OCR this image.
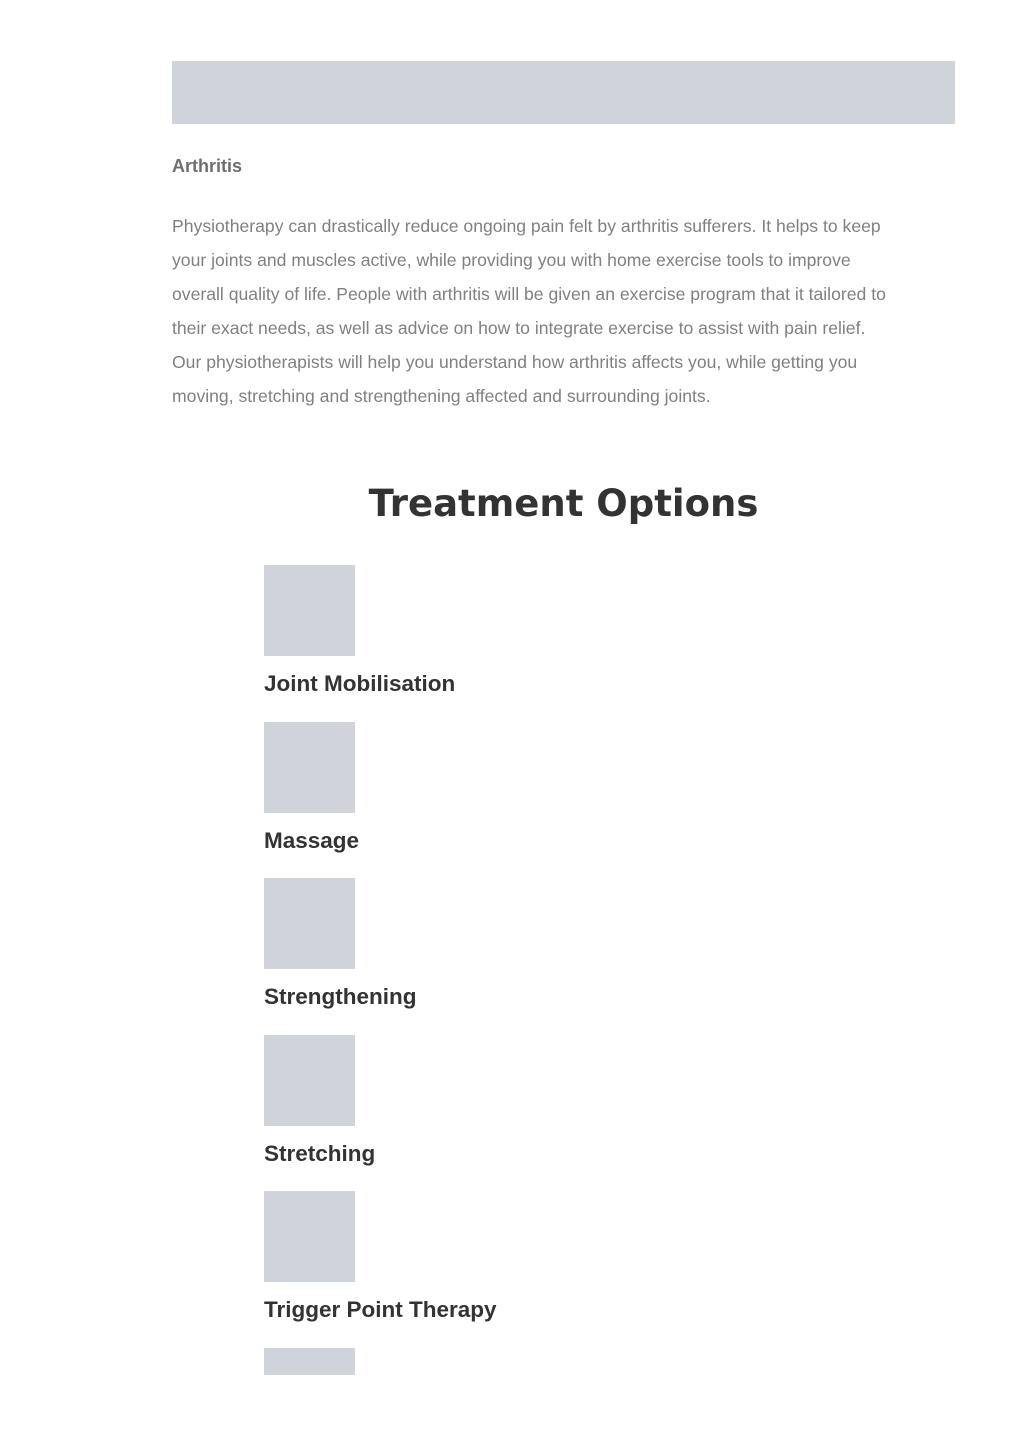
Arthritis

Physiotherapy can drastically reduce ongoing pain felt by arthritis sufferers. It helps to keep
your joints and muscles active, while providing you with home exercise tools to improve
overall quality of life. People with arthritis will be given an exercise program that it tailored to
their exact needs, as well as advice on how to integrate exercise to assist with pain relief.
Our physiotherapists will help you understand how arthritis affects you, while getting you
moving, stretching and strengthening affected and surrounding joints.

Treatment Options
Joint Mobilisation
Massage
Strengthening
Stretching
Trigger Point Therapy
